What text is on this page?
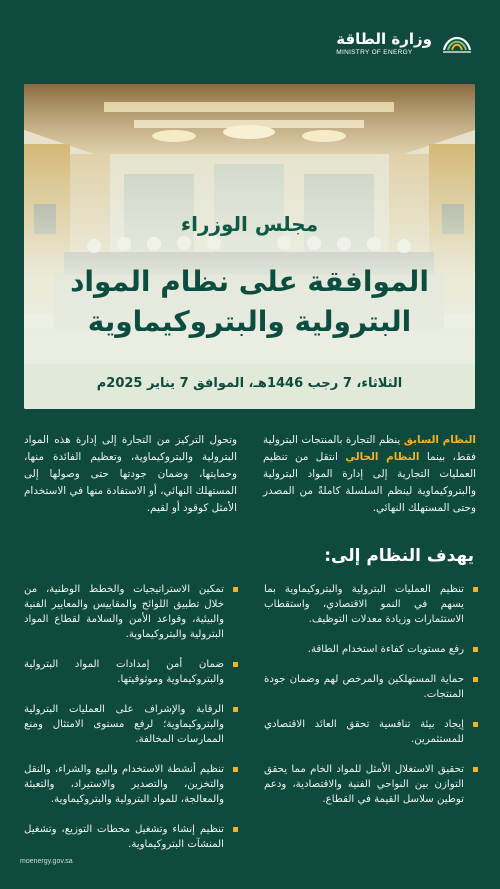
وزارة الطاقة
MINISTRY OF ENERGY
مجلس الوزراء
الموافقة على نظام المواد
البترولية والبتروكيماوية
الثلاثاء، 7 رجب 1446هـ، الموافق 7 يناير 2025م

النظام السابق ينظم التجارة بالمنتجات البترولية فقط، بينما النظام الحالي انتقل من تنظيم العمليات التجارية إلى إدارة المواد البترولية والبتروكيماوية لينظم السلسلة كاملةً من المصدر وحتى المستهلك النهائي.

وتحول التركيز من التجارة إلى إدارة هذه المواد البترولية والبتروكيماوية، وتعظيم الفائدة منها، وحمايتها، وضمان جودتها حتى وصولها إلى المستهلك النهائي، أو الاستفادة منها في الاستخدام الأمثل كوقود أو لقيم.

يهدف النظام إلى:
تنظيم العمليات البترولية والبتروكيماوية بما يسهم في النمو الاقتصادي، واستقطاب الاستثمارات وزيادة معدلات التوظيف.
رفع مستويات كفاءة استخدام الطاقة.
حماية المستهلكين والمرخص لهم وضمان جودة المنتجات.
إيجاد بيئة تنافسية تحقق العائد الاقتصادي للمستثمرين.
تحقيق الاستغلال الأمثل للمواد الخام مما يحقق التوازن بين النواحي الفنية والاقتصادية، ودعم توطين سلاسل القيمة في القطاع.
تمكين الاستراتيجيات والخطط الوطنية، من خلال تطبيق اللوائح والمقاييس والمعايير الفنية والبيئية، وقواعد الأمن والسلامة لقطاع المواد البترولية والبتروكيماوية.
ضمان أمن إمدادات المواد البترولية والبتروكيماوية وموثوقيتها.
الرقابة والإشراف على العمليات البترولية والبتروكيماوية؛ لرفع مستوى الامتثال ومنع الممارسات المخالفة.
تنظيم أنشطة الاستخدام والبيع والشراء، والنقل والتخزين، والتصدير والاستيراد، والتعبئة والمعالجة، للمواد البترولية والبتروكيماوية.
تنظيم إنشاء وتشغيل محطات التوزيع، وتشغيل المنشآت البتروكيماوية.
moenergy.gov.sa
